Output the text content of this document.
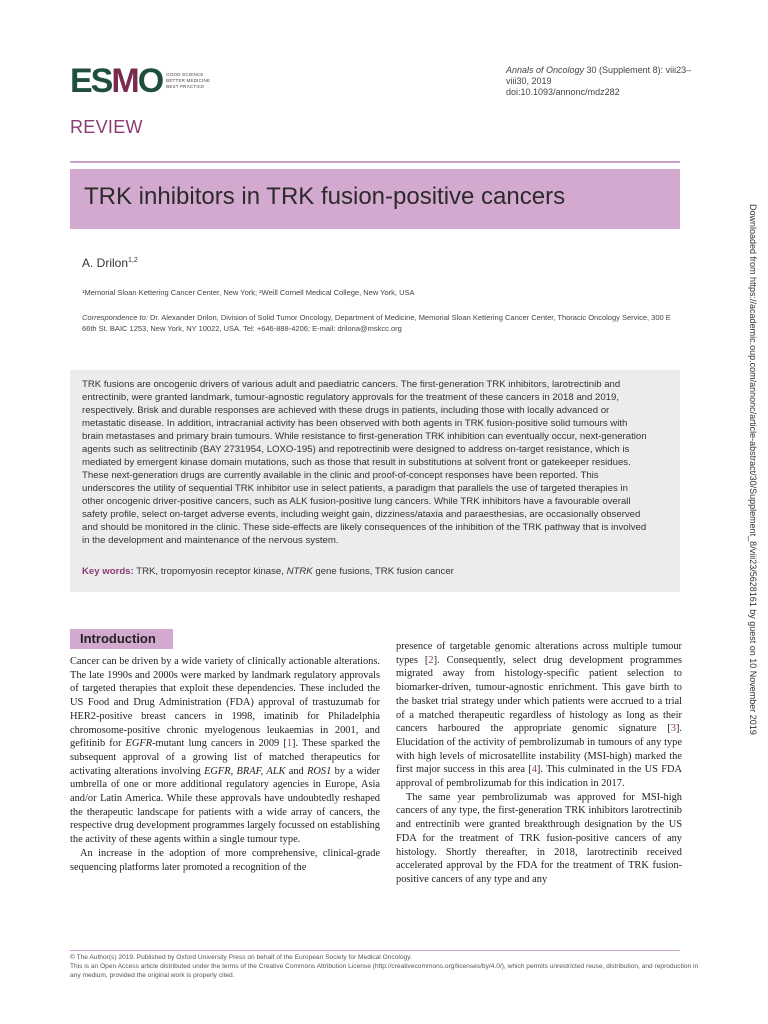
ESMO GOOD SCIENCE
BETTER MEDICINE
BEST PRACTICE
Annals of Oncology 30 (Supplement 8): viii23–viii30, 2019
doi:10.1093/annonc/mdz282
REVIEW
TRK inhibitors in TRK fusion-positive cancers
A. Drilon$^{1,2}$
¹Memorial Sloan Kettering Cancer Center, New York; ²Weill Cornell Medical College, New York, USA
Correspondence to: Dr. Alexander Drilon, Division of Solid Tumor Oncology, Department of Medicine, Memorial Sloan Kettering Cancer Center, Thoracic Oncology Service, 300 E 66th St. BAIC 1253, New York, NY 10022, USA. Tel: +646-888-4206; E-mail: drilona@mskcc.org
TRK fusions are oncogenic drivers of various adult and paediatric cancers. The first-generation TRK inhibitors, larotrectinib and entrectinib, were granted landmark, tumour-agnostic regulatory approvals for the treatment of these cancers in 2018 and 2019, respectively. Brisk and durable responses are achieved with these drugs in patients, including those with locally advanced or metastatic disease. In addition, intracranial activity has been observed with both agents in TRK fusion-positive solid tumours with brain metastases and primary brain tumours. While resistance to first-generation TRK inhibition can eventually occur, next-generation agents such as selitrectinib (BAY 2731954, LOXO-195) and repotrectinib were designed to address on-target resistance, which is mediated by emergent kinase domain mutations, such as those that result in substitutions at solvent front or gatekeeper residues. These next-generation drugs are currently available in the clinic and proof-of-concept responses have been reported. This underscores the utility of sequential TRK inhibitor use in select patients, a paradigm that parallels the use of targeted therapies in other oncogenic driver-positive cancers, such as ALK fusion-positive lung cancers. While TRK inhibitors have a favourable overall safety profile, select on-target adverse events, including weight gain, dizziness/ataxia and paraesthesias, are occasionally observed and should be monitored in the clinic. These side-effects are likely consequences of the inhibition of the TRK pathway that is involved in the development and maintenance of the nervous system.
Key words: TRK, tropomyosin receptor kinase, NTRK gene fusions, TRK fusion cancer
Introduction

Cancer can be driven by a wide variety of clinically actionable alterations. The late 1990s and 2000s were marked by landmark regulatory approvals of targeted therapies that exploit these dependencies. These included the US Food and Drug Administration (FDA) approval of trastuzumab for HER2-positive breast cancers in 1998, imatinib for Philadelphia chromosome-positive chronic myelogenous leukaemias in 2001, and gefitinib for EGFR-mutant lung cancers in 2009 [1]. These sparked the subsequent approval of a growing list of matched therapeutics for activating alterations involving EGFR, BRAF, ALK and ROS1 by a wider umbrella of one or more additional regulatory agencies in Europe, Asia and/or Latin America. While these approvals have undoubtedly reshaped the therapeutic landscape for patients with a wide array of cancers, the respective drug development programmes largely focussed on establishing the activity of these agents within a single tumour type.

An increase in the adoption of more comprehensive, clinical-grade sequencing platforms later promoted a recognition of the

presence of targetable genomic alterations across multiple tumour types [2]. Consequently, select drug development programmes migrated away from histology-specific patient selection to biomarker-driven, tumour-agnostic enrichment. This gave birth to the basket trial strategy under which patients were accrued to a trial of a matched therapeutic regardless of histology as long as their cancers harboured the appropriate genomic signature [3]. Elucidation of the activity of pembrolizumab in tumours of any type with high levels of microsatellite instability (MSI-high) marked the first major success in this area [4]. This culminated in the US FDA approval of pembrolizumab for this indication in 2017.

The same year pembrolizumab was approved for MSI-high cancers of any type, the first-generation TRK inhibitors larotrectinib and entrectinib were granted breakthrough designation by the US FDA for the treatment of TRK fusion-positive cancers of any histology. Shortly thereafter, in 2018, larotrectinib received accelerated approval by the FDA for the treatment of TRK fusion-positive cancers of any type and any

© The Author(s) 2019. Published by Oxford University Press on behalf of the European Society for Medical Oncology.
This is an Open Access article distributed under the terms of the Creative Commons Attribution License (http://creativecommons.org/licenses/by/4.0/), which permits unrestricted reuse, distribution, and reproduction in any medium, provided the original work is properly cited.
Downloaded from https://academic.oup.com/annonc/article-abstract/30/Supplement_8/viii23/5628161 by guest on 10 November 2019
